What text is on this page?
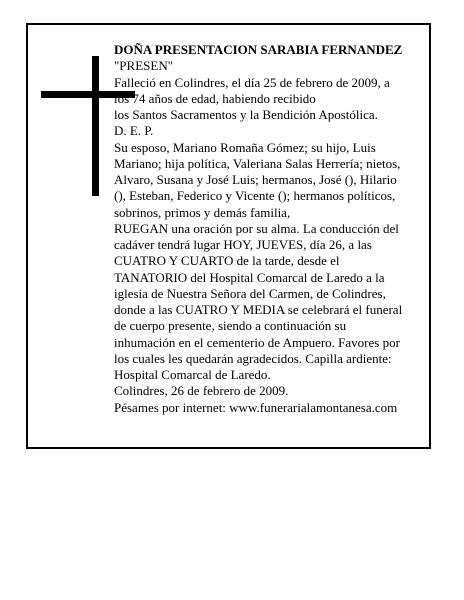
DOÑA PRESENTACION SARABIA FERNANDEZ
"PRESEN"
Falleció en Colindres, el día 25 de febrero de 2009, a
los 74 años de edad, habiendo recibido
los Santos Sacramentos y la Bendición Apostólica.
D. E. P.
Su esposo, Mariano Romaña Gómez; su hijo, Luis
Mariano; hija política, Valeriana Salas Herrería; nietos,
Alvaro, Susana y José Luis; hermanos, José (), Hilario
(), Esteban, Federico y Vicente (); hermanos políticos,
sobrinos, primos y demás familia,
RUEGAN una oración por su alma. La conducción del
cadáver tendrá lugar HOY, JUEVES, día 26, a las
CUATRO Y CUARTO de la tarde, desde el
TANATORIO del Hospital Comarcal de Laredo a la
iglesia de Nuestra Señora del Carmen, de Colindres,
donde a las CUATRO Y MEDIA se celebrará el funeral
de cuerpo presente, siendo a continuación su
inhumación en el cementerio de Ampuero. Favores por
los cuales les quedarán agradecidos. Capilla ardiente:
Hospital Comarcal de Laredo.
Colindres, 26 de febrero de 2009.
Pésames por internet: www.funerarialamontanesa.com
